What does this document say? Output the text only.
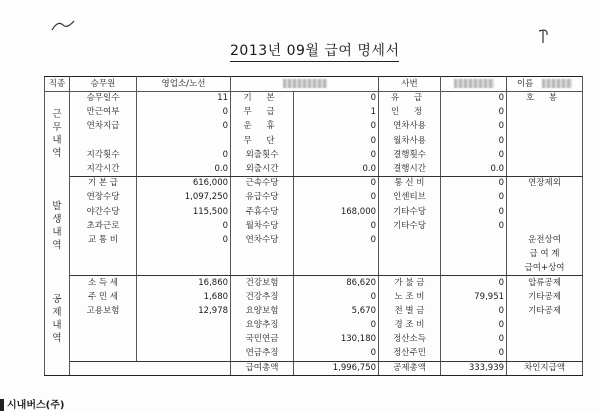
2013년 09월 급여 명세서
직종	승무원	영업소/노선			사번		이름	

근
무
내
역	승무일수	11	기 본	0	유 급	0	호 봉	
	만근여부	0	무 급	1	인 정	0		
	연차지급	0	운 휴	0	연차사용	0		
			무 단	0	월차사용	0		
	지각횟수	0	외출횟수	0	결행횟수	0		
	지각시간	0.0	외출시간	0.0	결행시간	0.0		

발
생
내
역	기 본 급	616,000	근속수당	0	통 신 비	0	연장제외	
	연장수당	1,097,250	유급수당	0	인센티브	0		
	야간수당	115,500	주휴수당	168,000	기타수당	0		
	초과근로	0	월차수당	0	기타수당	0		
	교 통 비	0	연차수당	0			운전상여	
							급 여 계	
							급여+상여	

공
제
내
역	소 득 세	16,860	건강보험	86,620	가 불 금	0	압류공제	
	주 민 세	1,680	건강추징	0	노 조 비	79,951	기타공제	
	고용보험	12,978	요양보험	5,670	전 별 금	0	기타공제	
			요양추징	0	경 조 비	0		
			국민연금	130,180	정산소득	0		
			연금추징	0	정산주민	0		
			급여총액	1,996,750	공제총액	333,939	차인지급액	
시내버스(주)
